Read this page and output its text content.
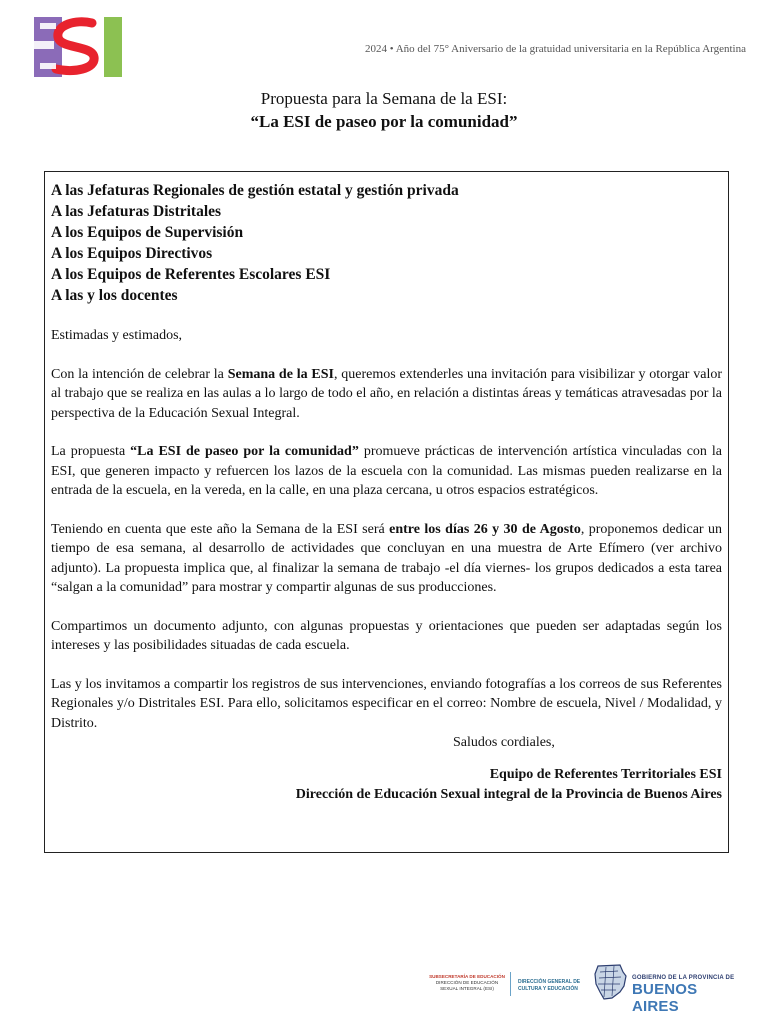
2024 • Año del 75° Aniversario de la gratuidad universitaria en la República Argentina
Propuesta para la Semana de la ESI:
“La ESI de paseo por la comunidad”

A las Jefaturas Regionales de gestión estatal y gestión privada

A las Jefaturas Distritales

A los Equipos de Supervisión

A los Equipos Directivos

A los Equipos de Referentes Escolares ESI

A las y los docentes

Estimadas y estimados,

Con la intención de celebrar la Semana de la ESI, queremos extenderles una invitación para visibilizar y otorgar valor al trabajo que se realiza en las aulas a lo largo de todo el año, en relación a distintas áreas y temáticas atravesadas por la perspectiva de la Educación Sexual Integral.

La propuesta “La ESI de paseo por la comunidad” promueve prácticas de intervención artística vinculadas con la ESI, que generen impacto y refuercen los lazos de la escuela con la comunidad. Las mismas pueden realizarse en la entrada de la escuela, en la vereda, en la calle, en una plaza cercana, u otros espacios estratégicos.

Teniendo en cuenta que este año la Semana de la ESI será entre los días 26 y 30 de Agosto, proponemos dedicar un tiempo de esa semana, al desarrollo de actividades que concluyan en una muestra de Arte Efímero (ver archivo adjunto). La propuesta implica que, al finalizar la semana de trabajo -el día viernes- los grupos dedicados a esta tarea “salgan a la comunidad” para mostrar y compartir algunas de sus producciones.

Compartimos un documento adjunto, con algunas propuestas y orientaciones que pueden ser adaptadas según los intereses y las posibilidades situadas de cada escuela.

Las y los invitamos a compartir los registros de sus intervenciones, enviando fotografías a los correos de sus Referentes Regionales y/o Distritales ESI. Para ello, solicitamos especificar en el correo: Nombre de escuela, Nivel / Modalidad, y Distrito.

Saludos cordiales,

Equipo de Referentes Territoriales ESI

Dirección de Educación Sexual integral de la Provincia de Buenos Aires

SUBSECRETARÍA DE EDUCACIÓN
DIRECCIÓN DE EDUCACIÓN
SEXUAL INTEGRAL (ESI)
DIRECCIÓN GENERAL DE
CULTURA Y EDUCACIÓN
GOBIERNO DE LA PROVINCIA DE
BUENOS AIRES
